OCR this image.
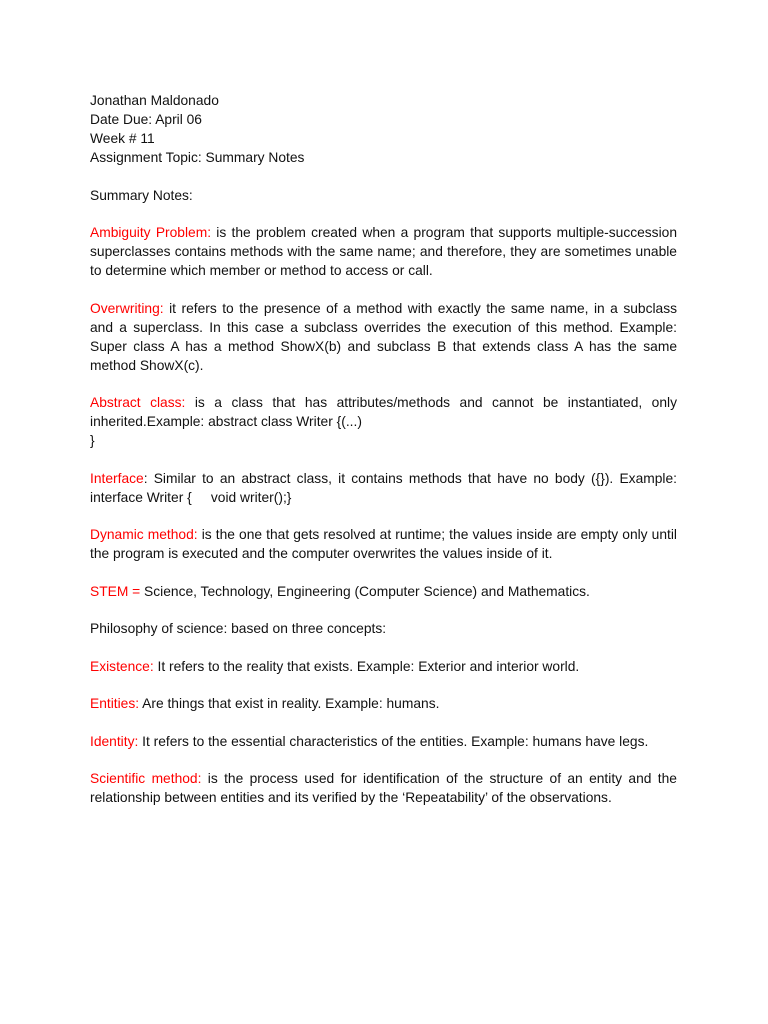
Jonathan Maldonado

Date Due: April 06

Week # 11

Assignment Topic: Summary Notes

Summary Notes:

Ambiguity Problem: is the problem created when a program that supports multiple-succession superclasses contains methods with the same name; and therefore, they are sometimes unable to determine which member or method to access or call.

Overwriting: it refers to the presence of a method with exactly the same name, in a subclass and a superclass. In this case a subclass overrides the execution of this method. Example: Super class A has a method ShowX(b) and subclass B that extends class A has the same method ShowX(c).

Abstract class: is a class that has attributes/methods and cannot be instantiated, only inherited.Example: abstract class Writer {(...)
}

Interface: Similar to an abstract class, it contains methods that have no body ({}). Example: interface Writer {     void writer();}

Dynamic method: is the one that gets resolved at runtime; the values inside are empty only until the program is executed and the computer overwrites the values inside of it.

STEM = Science, Technology, Engineering (Computer Science) and Mathematics.

Philosophy of science: based on three concepts:

Existence: It refers to the reality that exists. Example: Exterior and interior world.

Entities: Are things that exist in reality. Example: humans.

Identity: It refers to the essential characteristics of the entities. Example: humans have legs.

Scientific method: is the process used for identification of the structure of an entity and the relationship between entities and its verified by the ‘Repeatability’ of the observations.
